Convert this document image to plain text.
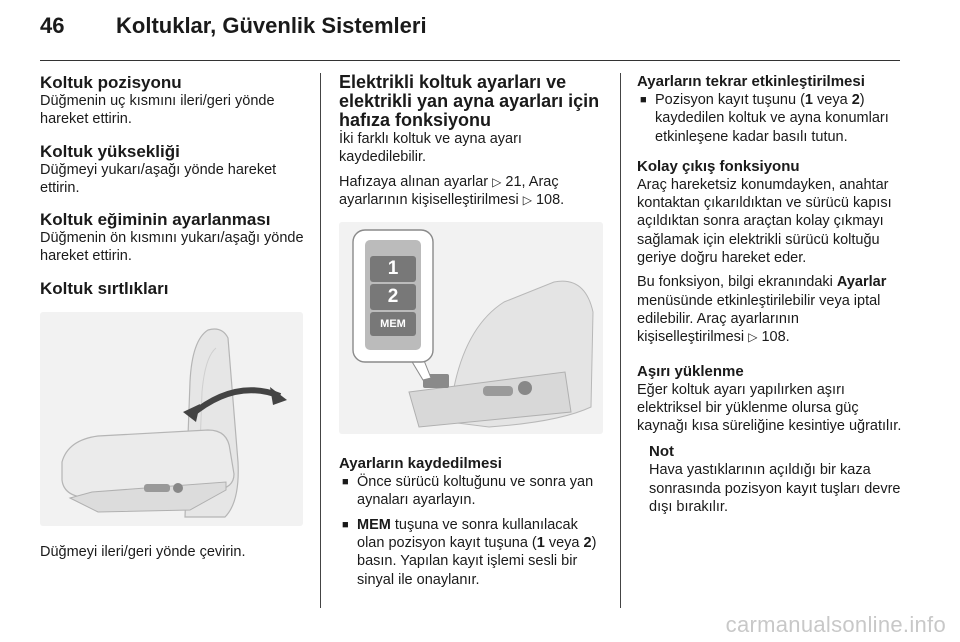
46 Koltuklar, Güvenlik Sistemleri
Koltuk pozisyonu

Düğmenin uç kısmını ileri/geri yönde hareket ettirin.

Koltuk yüksekliği

Düğmeyi yukarı/aşağı yönde hareket ettirin.

Koltuk eğiminin ayarlanması

Düğmenin ön kısmını yukarı/aşağı yönde hareket ettirin.

Koltuk sırtlıkları

Düğmeyi ileri/geri yönde çevirin.

Elektrikli koltuk ayarları ve elektrikli yan ayna ayarları için hafıza fonksiyonu

İki farklı koltuk ve ayna ayarı kaydedilebilir.

Hafızaya alınan ayarlar ▷ 21, Araç ayarlarının kişiselleştirilmesi ▷ 108.

1
2
MEM
Ayarların kaydedilmesi
■ Önce sürücü koltuğunu ve sonra yan aynaları ayarlayın.
■ MEM tuşuna ve sonra kullanılacak olan pozisyon kayıt tuşuna (1 veya 2) basın. Yapılan kayıt işlemi sesli bir sinyal ile onaylanır.
Ayarların tekrar etkinleştirilmesi
■ Pozisyon kayıt tuşunu (1 veya 2) kaydedilen koltuk ve ayna konumları etkinleşene kadar basılı tutun.
Kolay çıkış fonksiyonu

Araç hareketsiz konumdayken, anahtar kontaktan çıkarıldıktan ve sürücü kapısı açıldıktan sonra araçtan kolay çıkmayı sağlamak için elektrikli sürücü koltuğu geriye doğru hareket eder.

Bu fonksiyon, bilgi ekranındaki Ayarlar menüsünde etkinleştirilebilir veya iptal edilebilir. Araç ayarlarının kişiselleştirilmesi ▷ 108.

Aşırı yüklenme

Eğer koltuk ayarı yapılırken aşırı elektriksel bir yüklenme olursa güç kaynağı kısa süreliğine kesintiye uğratılır.

Not

Hava yastıklarının açıldığı bir kaza sonrasında pozisyon kayıt tuşları devre dışı bırakılır.

carmanualsonline.info
